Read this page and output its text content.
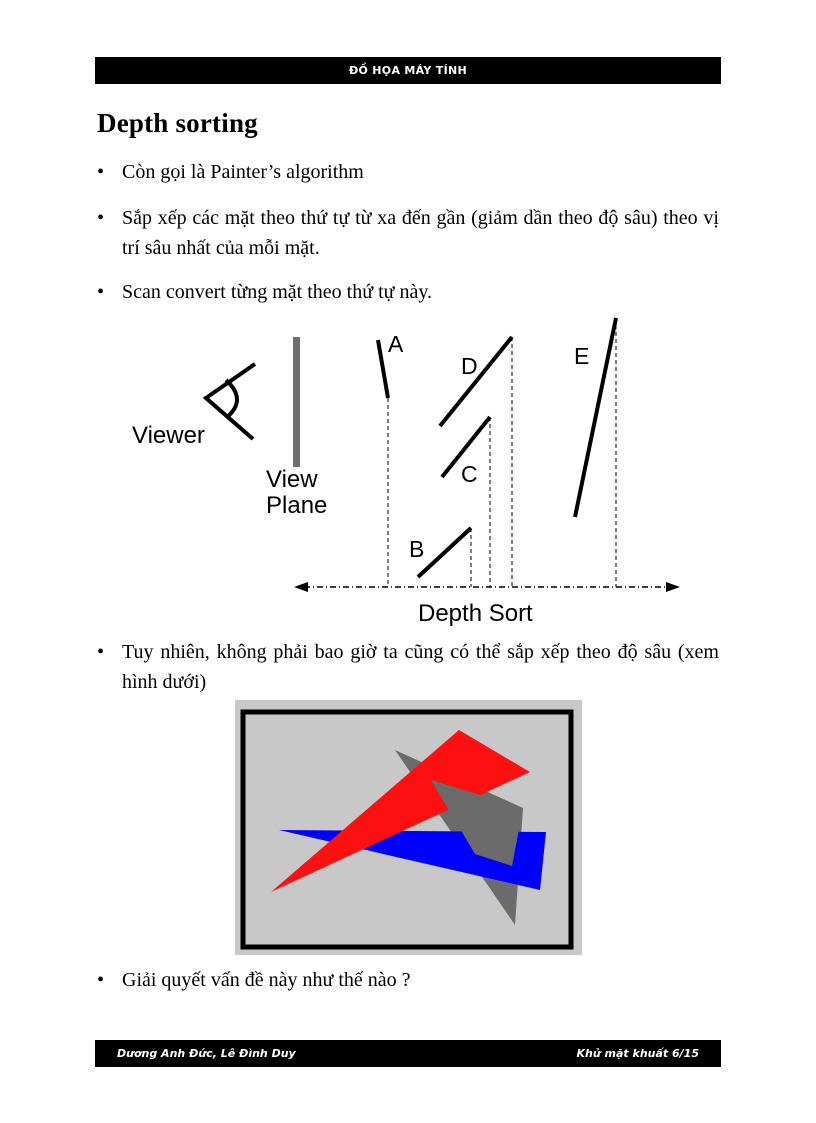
ĐỒ HỌA MÁY TÍNH
Depth sorting
• Còn gọi là Painter’s algorithm
• Sắp xếp các mặt theo thứ tự từ xa đến gần (giảm dần theo độ sâu) theo vị trí sâu nhất của mỗi mặt.
• Scan convert từng mặt theo thứ tự này.
Viewer
View
Plane
A
B
C
D	E
Depth Sort
• Tuy nhiên, không phải bao giờ ta cũng có thể sắp xếp theo độ sâu (xem hình dưới)
• Giải quyết vấn đề này như thế nào ?
Dương Anh Đức, Lê Đình Duy	Khử mặt khuất 6/15
